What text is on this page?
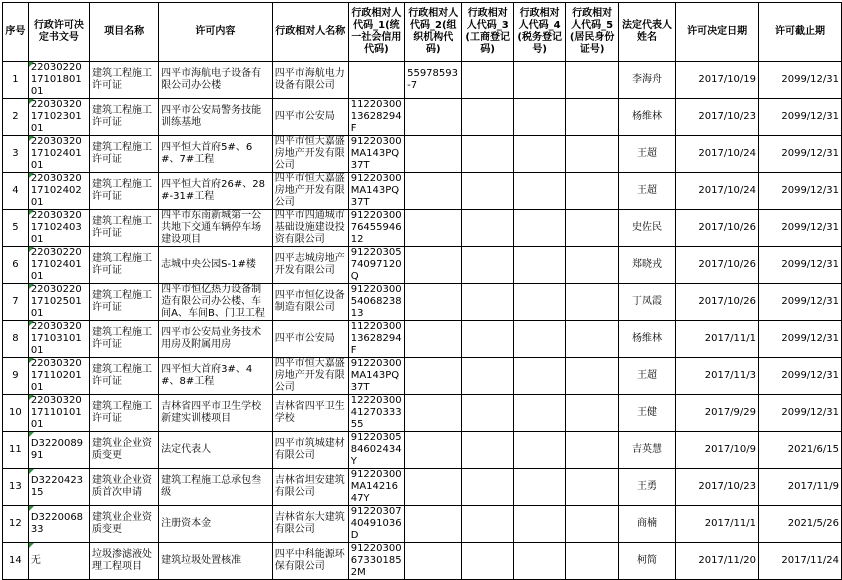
序号	行政许可决定书文号	项目名称	许可内容	行政相对人名称	行政相对人代码_1(统一社会信用代码)	行政相对人代码_2(组织机构代码)	行政相对人代码_3(工商登记码)	行政相对人代码_4(税务登记号)	行政相对人代码_5(居民身份证号)	法定代表人姓名	许可决定日期	许可截止期
1	220302201710180101	建筑工程施工许可证	四平市海航电子设备有限公司办公楼	四平市海航电力设备有限公司		55978593-7				李海舟	2017/10/19	2099/12/31
2	220303201710230101	建筑工程施工许可证	四平市公安局警务技能训练基地	四平市公安局	1122030013628294F					杨维林	2017/10/23	2099/12/31
3	220303201710240101	建筑工程施工许可证	四平恒大首府5#、6#、7#工程	四平市恒大嘉盛房地产开发有限公司	91220300MA143PQ37T					王超	2017/10/24	2099/12/31
4	220303201710240201	建筑工程施工许可证	四平恒大首府26#、28#-31#工程	四平市恒大嘉盛房地产开发有限公司	91220300MA143PQ37T					王超	2017/10/24	2099/12/31
5	220303201710240301	建筑工程施工许可证	四平市东南新城第一公共地下交通车辆停车场建设项目	四平市四通城市基础设施建设投资有限公司	912203007645594612					史佐民	2017/10/26	2099/12/31
6	220302201710240101	建筑工程施工许可证	志城中央公园S-1#楼	四平志城房地产开发有限公司	9122030574097120Q					郑晓戎	2017/10/26	2099/12/31
7	220302201710250101	建筑工程施工许可证	四平市恒亿热力设备制造有限公司办公楼、车间A、车间B、门卫工程	四平市恒亿设备制造有限公司	912203005406823813					丁凤霞	2017/10/26	2099/12/31
8	220303201710310101	建筑工程施工许可证	四平市公安局业务技术用房及附属用房	四平市公安局	1122030013628294F					杨维林	2017/11/1	2099/12/31
9	220303201711020101	建筑工程施工许可证	四平恒大首府3#、4#、8#工程	四平市恒大嘉盛房地产开发有限公司	91220300MA143PQ37T					王超	2017/11/3	2099/12/31
10	220303201711010101	建筑工程施工许可证	吉林省四平市卫生学校新建实训楼项目	吉林省四平卫生学校	122203004127033355					王健	2017/9/29	2099/12/31
11	D322008991	建筑业企业资质变更	法定代表人	四平市筑城建材有限公司	9122030584602434Y					吉英慧	2017/10/9	2021/6/15
13	D322042315	建筑业企业资质首次申请	建筑工程施工总承包叁级	吉林省坦安建筑有限公司	91220300MA1421647Y					王勇	2017/10/23	2017/11/9
12	D322006833	建筑业企业资质变更	注册资本金	吉林省东大建筑有限公司	9122030740491036D					商楠	2017/11/1	2021/5/26
14	无	垃圾渗滤液处理工程项目	建筑垃圾处置核准	四平中科能源环保有限公司	91220300673301852M					柯简	2017/11/20	2017/11/24
